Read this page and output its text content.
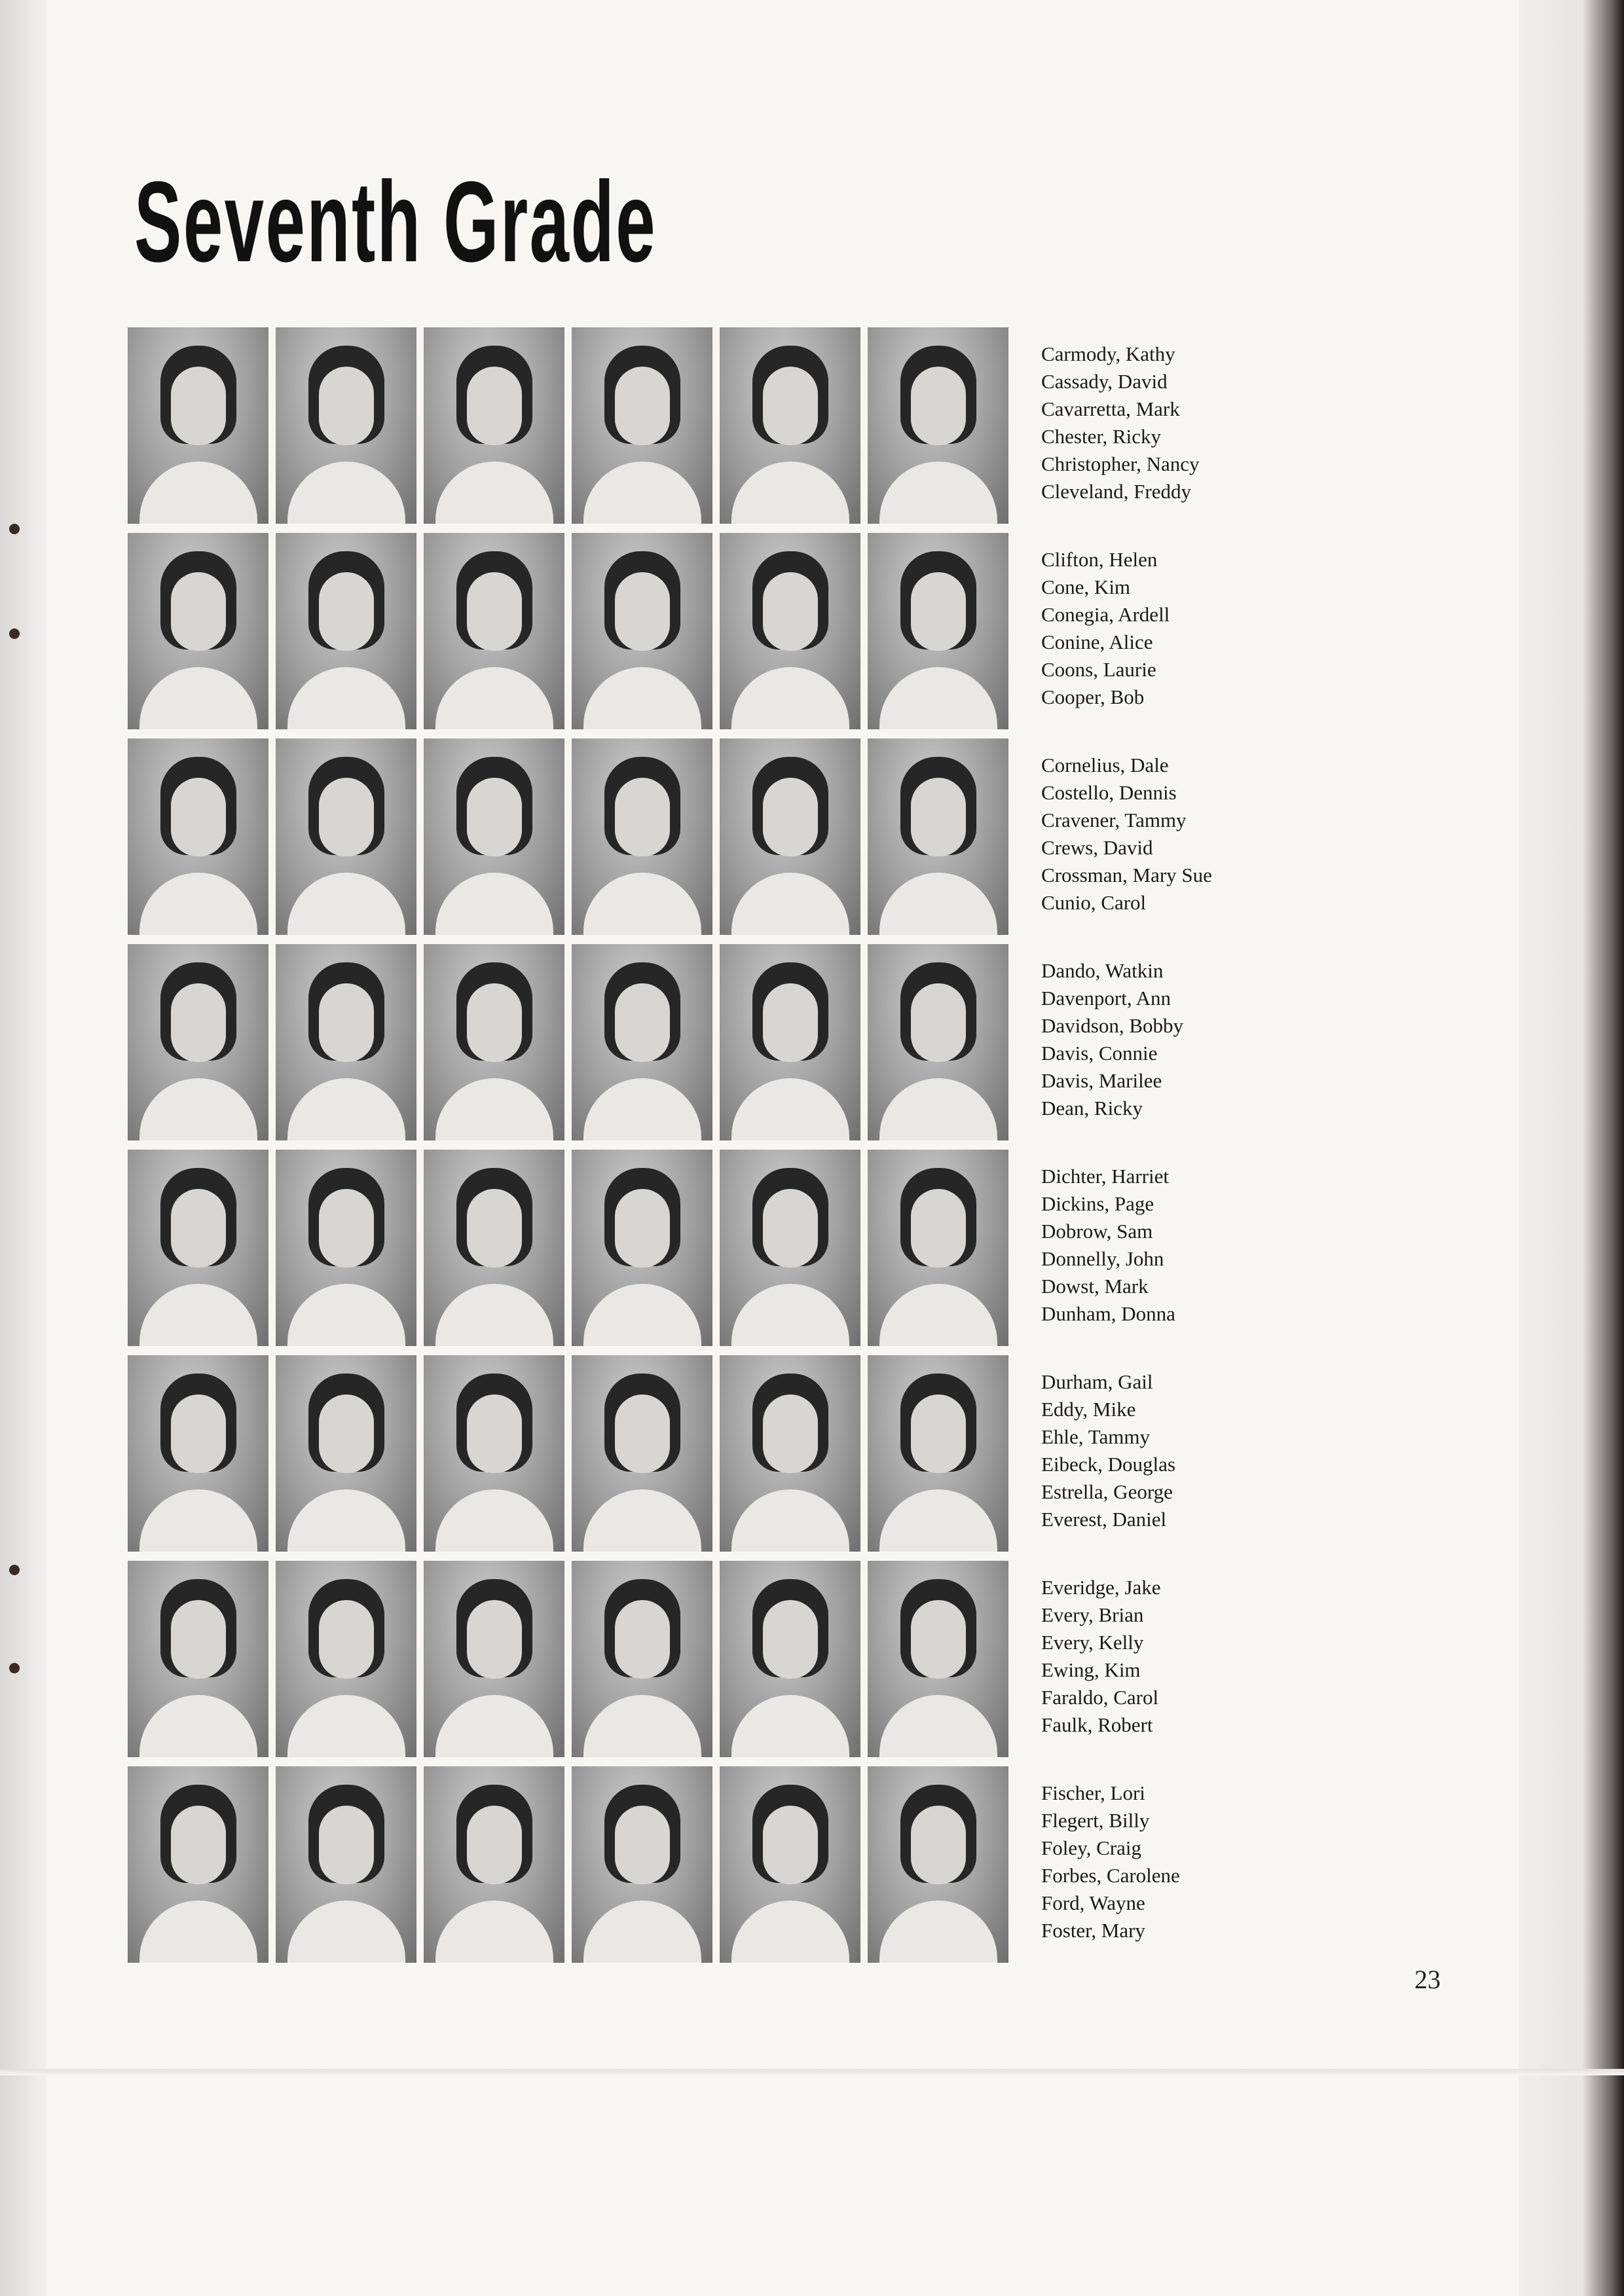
Seventh Grade
Carmody, Kathy
Cassady, David
Cavarretta, Mark
Chester, Ricky
Christopher, Nancy
Cleveland, Freddy
Clifton, Helen
Cone, Kim
Conegia, Ardell
Conine, Alice
Coons, Laurie
Cooper, Bob
Cornelius, Dale
Costello, Dennis
Cravener, Tammy
Crews, David
Crossman, Mary Sue
Cunio, Carol
Dando, Watkin
Davenport, Ann
Davidson, Bobby
Davis, Connie
Davis, Marilee
Dean, Ricky
Dichter, Harriet
Dickins, Page
Dobrow, Sam
Donnelly, John
Dowst, Mark
Dunham, Donna
Durham, Gail
Eddy, Mike
Ehle, Tammy
Eibeck, Douglas
Estrella, George
Everest, Daniel
Everidge, Jake
Every, Brian
Every, Kelly
Ewing, Kim
Faraldo, Carol
Faulk, Robert
Fischer, Lori
Flegert, Billy
Foley, Craig
Forbes, Carolene
Ford, Wayne
Foster, Mary
23
